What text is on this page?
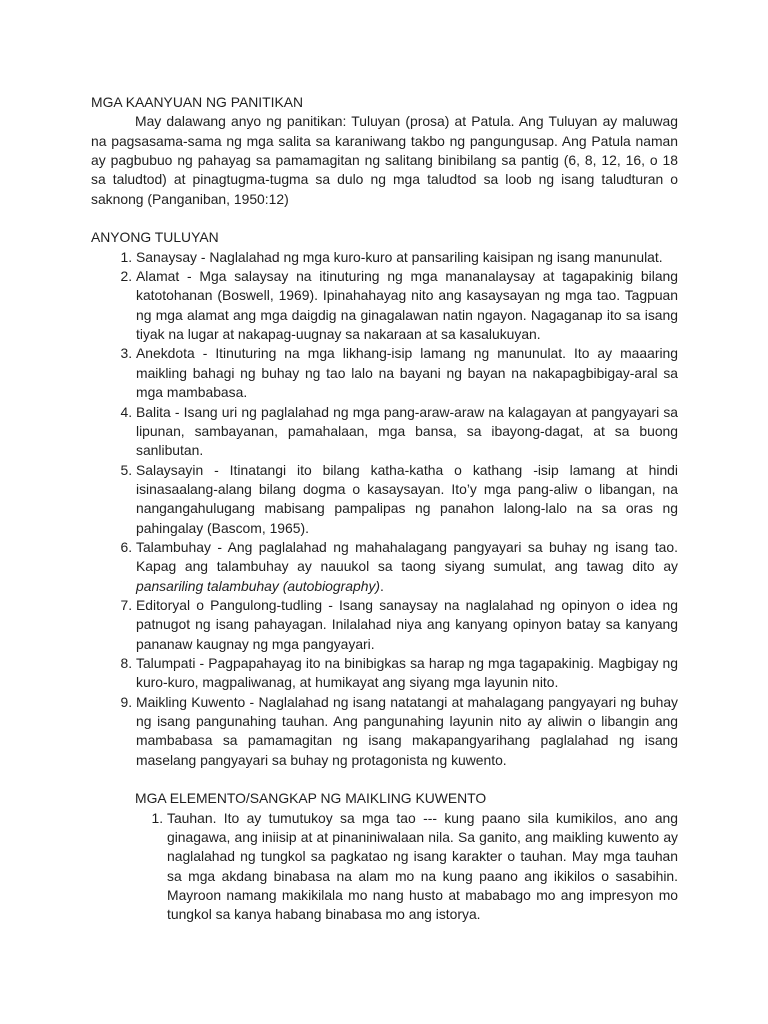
MGA KAANYUAN NG PANITIKAN

May dalawang anyo ng panitikan: Tuluyan (prosa) at Patula. Ang Tuluyan ay maluwag na pagsasama-sama ng mga salita sa karaniwang takbo ng pangungusap. Ang Patula naman ay pagbubuo ng pahayag sa pamamagitan ng salitang binibilang sa pantig (6, 8, 12, 16, o 18 sa taludtod) at pinagtugma-tugma sa dulo ng mga taludtod sa loob ng isang taludturan o saknong (Panganiban, 1950:12)

ANYONG TULUYAN

1. Sanaysay - Naglalahad ng mga kuro-kuro at pansariling kaisipan ng isang manunulat.
2. Alamat - Mga salaysay na itinuturing ng mga mananalaysay at tagapakinig bilang katotohanan (Boswell, 1969). Ipinahahayag nito ang kasaysayan ng mga tao. Tagpuan ng mga alamat ang mga daigdig na ginagalawan natin ngayon. Nagaganap ito sa isang tiyak na lugar at nakapag-uugnay sa nakaraan at sa kasalukuyan.
3. Anekdota - Itinuturing na mga likhang-isip lamang ng manunulat. Ito ay maaaring maikling bahagi ng buhay ng tao lalo na bayani ng bayan na nakapagbibigay-aral sa mga mambabasa.
4. Balita - Isang uri ng paglalahad ng mga pang-araw-araw na kalagayan at pangyayari sa lipunan, sambayanan, pamahalaan, mga bansa, sa ibayong-dagat, at sa buong sanlibutan.
5. Salaysayin - Itinatangi ito bilang katha-katha o kathang -isip lamang at hindi isinasaalang-alang bilang dogma o kasaysayan. Ito’y mga pang-aliw o libangan, na nangangahulugang mabisang pampalipas ng panahon lalong-lalo na sa oras ng pahingalay (Bascom, 1965).
6. Talambuhay - Ang paglalahad ng mahahalagang pangyayari sa buhay ng isang tao. Kapag ang talambuhay ay nauukol sa taong siyang sumulat, ang tawag dito ay pansariling talambuhay (autobiography).
7. Editoryal o Pangulong-tudling - Isang sanaysay na naglalahad ng opinyon o idea ng patnugot ng isang pahayagan. Inilalahad niya ang kanyang opinyon batay sa kanyang pananaw kaugnay ng mga pangyayari.
8. Talumpati - Pagpapahayag ito na binibigkas sa harap ng mga tagapakinig. Magbigay ng kuro-kuro, magpaliwanag, at humikayat ang siyang mga layunin nito.
9. Maikling Kuwento - Naglalahad ng isang natatangi at mahalagang pangyayari ng buhay ng isang pangunahing tauhan. Ang pangunahing layunin nito ay aliwin o libangin ang mambabasa sa pamamagitan ng isang makapangyarihang paglalahad ng isang maselang pangyayari sa buhay ng protagonista ng kuwento.

MGA ELEMENTO/SANGKAP NG MAIKLING KUWENTO

1. Tauhan. Ito ay tumutukoy sa mga tao --- kung paano sila kumikilos, ano ang ginagawa, ang iniisip at at pinaniniwalaan nila. Sa ganito, ang maikling kuwento ay naglalahad ng tungkol sa pagkatao ng isang karakter o tauhan. May mga tauhan sa mga akdang binabasa na alam mo na kung paano ang ikikilos o sasabihin. Mayroon namang makikilala mo nang husto at mababago mo ang impresyon mo tungkol sa kanya habang binabasa mo ang istorya.
